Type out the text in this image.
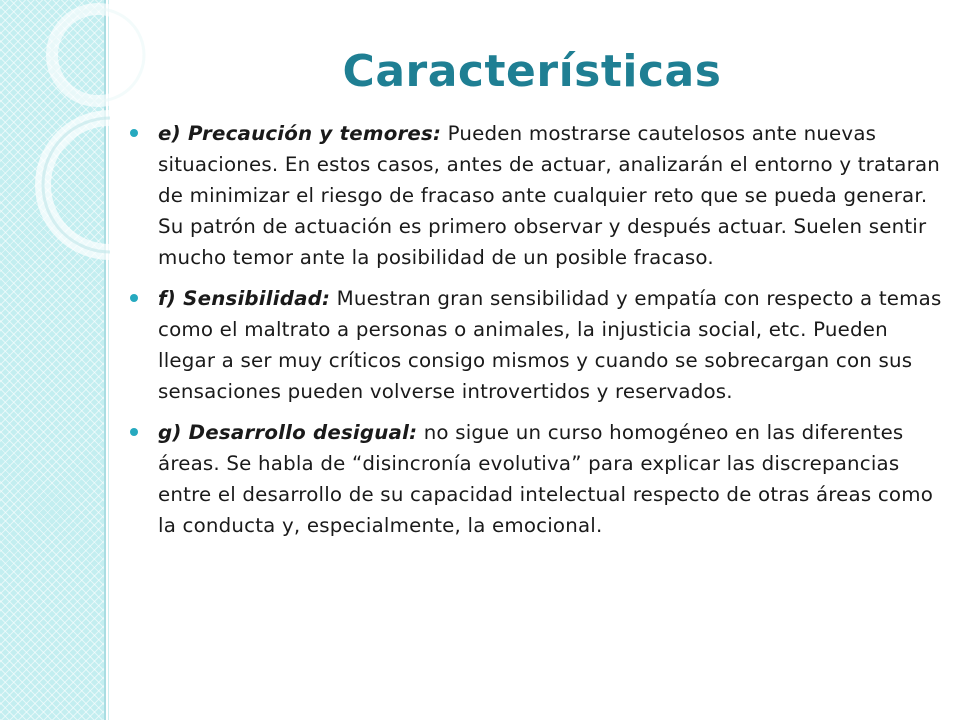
Características
e) Precaución y temores: Pueden mostrarse cautelosos ante nuevas situaciones. En estos casos, antes de actuar, analizarán el entorno y trataran de minimizar el riesgo de fracaso ante cualquier reto que se pueda generar. Su patrón de actuación es primero observar y después actuar. Suelen sentir mucho temor ante la posibilidad de un posible fracaso.
f) Sensibilidad: Muestran gran sensibilidad y empatía con respecto a temas como el maltrato a personas o animales, la injusticia social, etc. Pueden llegar a ser muy críticos consigo mismos y cuando se sobrecargan con sus sensaciones pueden volverse introvertidos y reservados.
g) Desarrollo desigual: no sigue un curso homogéneo en las diferentes áreas. Se habla de “disincronía evolutiva” para explicar las discrepancias entre el desarrollo de su capacidad intelectual respecto de otras áreas como la conducta y, especialmente, la emocional.
